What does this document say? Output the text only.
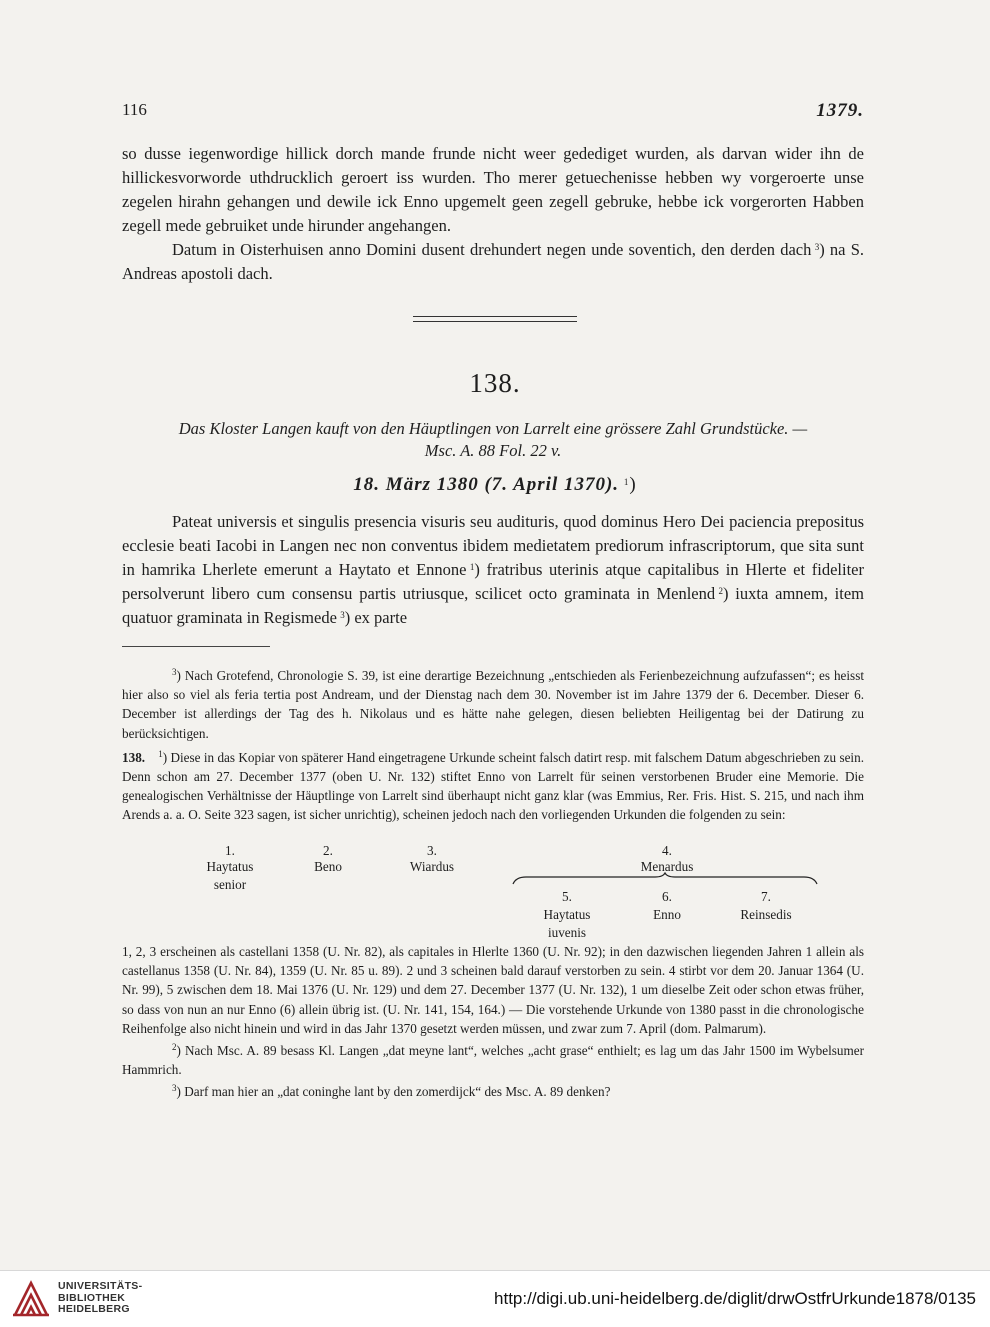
116	1379.

so dusse iegenwordige hillick dorch mande frunde nicht weer gedediget wurden, als darvan wider ihn de hillickesvorworde uthdrucklich geroert iss wurden. Tho merer getuechenisse hebben wy vorgeroerte unse zegelen hirahn gehangen und dewile ick Enno upgemelt geen zegell gebruke, hebbe ick vorgerorten Habben zegell mede gebruiket unde hirunder angehangen.

Datum in Oisterhuisen anno Domini dusent drehundert negen unde soventich, den derden dach  $^3$) na S. Andreas apostoli dach.

138.
Das Kloster Langen kauft von den Häuptlingen von Larrelt eine grössere Zahl Grundstücke. —
Msc. A. 88 Fol. 22 v.
18. März 1380 (7. April 1370).  $^1$)

Pateat universis et singulis presencia visuris seu audituris, quod dominus Hero Dei paciencia prepositus ecclesie beati Iacobi in Langen nec non conventus ibidem medietatem prediorum infrascriptorum, que sita sunt in hamrika Lherlete emerunt a Haytato et Ennone  $^1$) fratribus uterinis atque capitalibus in Hlerte et fideliter persolverunt libero cum consensu partis utriusque, scilicet octo graminata in Menlend  $^2$) iuxta amnem, item quatuor graminata in Regismede  $^3$) ex parte

$^3$) Nach Grotefend, Chronologie S. 39, ist eine derartige Bezeichnung „entschieden als Ferienbezeichnung aufzufassen“; es heisst hier also so viel als feria tertia post Andream, und der Dienstag nach dem 30. November ist im Jahre 1379 der 6. December. Dieser 6. December ist allerdings der Tag des h. Nikolaus und es hätte nahe gelegen, diesen beliebten Heiligentag bei der Datirung zu berücksichtigen.

138.  $^1$) Diese in das Kopiar von späterer Hand eingetragene Urkunde scheint falsch datirt resp. mit falschem Datum abgeschrieben zu sein. Denn schon am 27. December 1377 (oben U. Nr. 132) stiftet Enno von Larrelt für seinen verstorbenen Bruder eine Memorie. Die genealogischen Verhältnisse der Häuptlinge von Larrelt sind überhaupt nicht ganz klar (was Emmius, Rer. Fris. Hist. S. 215, und nach ihm Arends a. a. O. Seite 323 sagen, ist sicher unrichtig), scheinen jedoch nach den vorliegenden Urkunden die folgenden zu sein:

1.
Haytatus
senior
2.
Beno
3.
Wiardus
4.
Menardus
5.
Haytatus
iuvenis
6.
Enno
7.
Reinsedis

1, 2, 3 erscheinen als castellani 1358 (U. Nr. 82), als capitales in Hlerlte 1360 (U. Nr. 92); in den dazwischen liegenden Jahren 1 allein als castellanus 1358 (U. Nr. 84), 1359 (U. Nr. 85 u. 89). 2 und 3 scheinen bald darauf verstorben zu sein. 4 stirbt vor dem 20. Januar 1364 (U. Nr. 99), 5 zwischen dem 18. Mai 1376 (U. Nr. 129) und dem 27. December 1377 (U. Nr. 132), 1 um dieselbe Zeit oder schon etwas früher, so dass von nun an nur Enno (6) allein übrig ist. (U. Nr. 141, 154, 164.) — Die vorstehende Urkunde von 1380 passt in die chronologische Reihenfolge also nicht hinein und wird in das Jahr 1370 gesetzt werden müssen, und zwar zum 7. April (dom. Palmarum).

$^2$) Nach Msc. A. 89 besass Kl. Langen „dat meyne lant“, welches „acht grase“ enthielt; es lag um das Jahr 1500 im Wybelsumer Hammrich.

$^3$) Darf man hier an „dat coninghe lant by den zomerdijck“ des Msc. A. 89 denken?

UNIVERSITÄTS-
BIBLIOTHEK
HEIDELBERG
http://digi.ub.uni-heidelberg.de/diglit/drwOstfrUrkunde1878/0135
